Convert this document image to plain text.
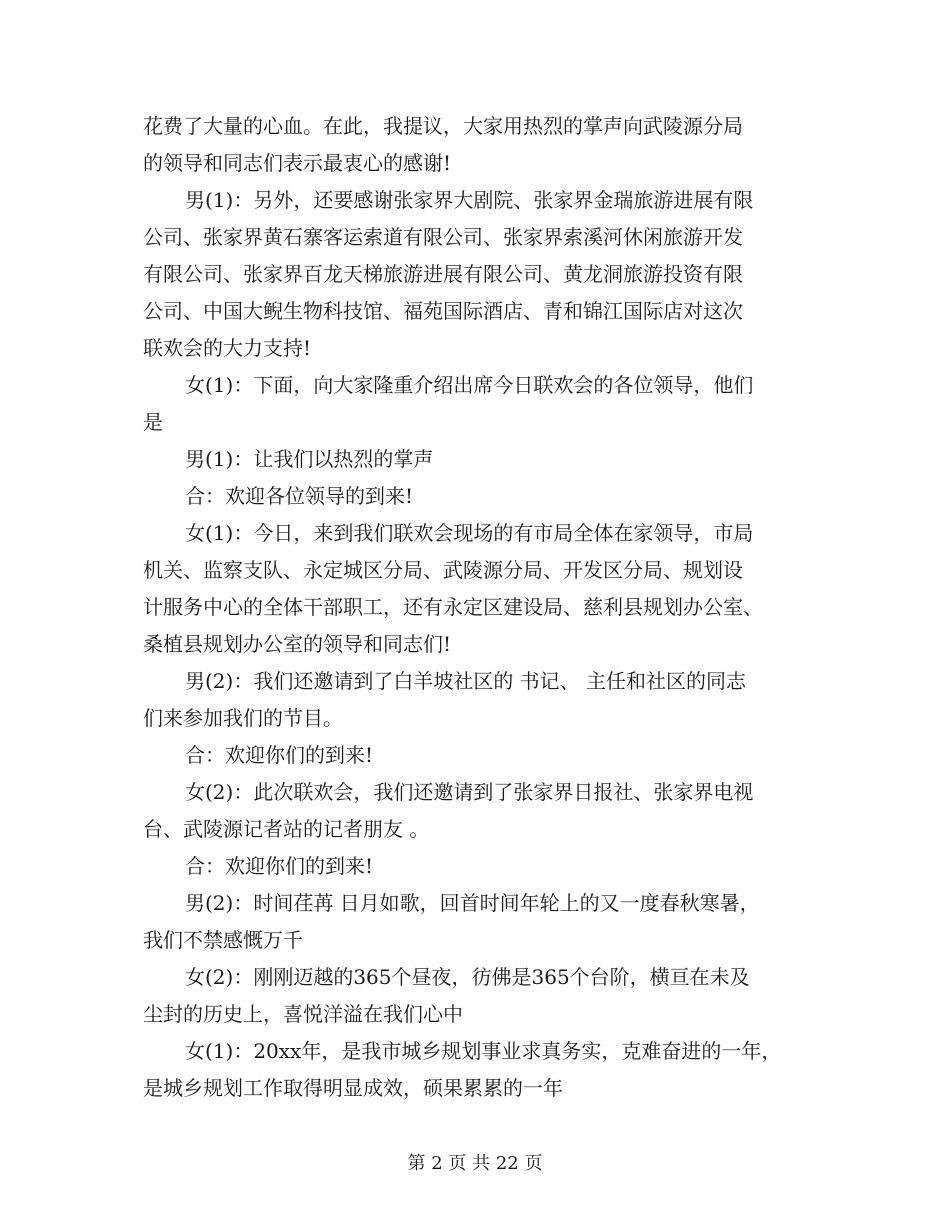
花费了大量的心血。在此，我提议，大家用热烈的掌声向武陵源分局
的领导和同志们表示最衷心的感谢!
男(1)：另外，还要感谢张家界大剧院、张家界金瑞旅游进展有限
公司、张家界黄石寨客运索道有限公司、张家界索溪河休闲旅游开发
有限公司、张家界百龙天梯旅游进展有限公司、黄龙洞旅游投资有限
公司、中国大鲵生物科技馆、福苑国际酒店、青和锦江国际店对这次
联欢会的大力支持!
女(1)：下面，向大家隆重介绍出席今日联欢会的各位领导，他们
是
男(1)：让我们以热烈的掌声
合：欢迎各位领导的到来!
女(1)：今日，来到我们联欢会现场的有市局全体在家领导，市局
机关、监察支队、永定城区分局、武陵源分局、开发区分局、规划设
计服务中心的全体干部职工，还有永定区建设局、慈利县规划办公室、
桑植县规划办公室的领导和同志们!
男(2)：我们还邀请到了白羊坡社区的 书记、 主任和社区的同志
们来参加我们的节目。
合：欢迎你们的到来!
女(2)：此次联欢会，我们还邀请到了张家界日报社、张家界电视
台、武陵源记者站的记者朋友 。
合：欢迎你们的到来!
男(2)：时间荏苒 日月如歌，回首时间年轮上的又一度春秋寒暑，
我们不禁感慨万千
女(2)：刚刚迈越的365个昼夜，彷佛是365个台阶，横亘在未及
尘封的历史上，喜悦洋溢在我们心中
女(1)：20xx年，是我市城乡规划事业求真务实，克难奋进的一年，
是城乡规划工作取得明显成效，硕果累累的一年
第 2 页 共 22 页
